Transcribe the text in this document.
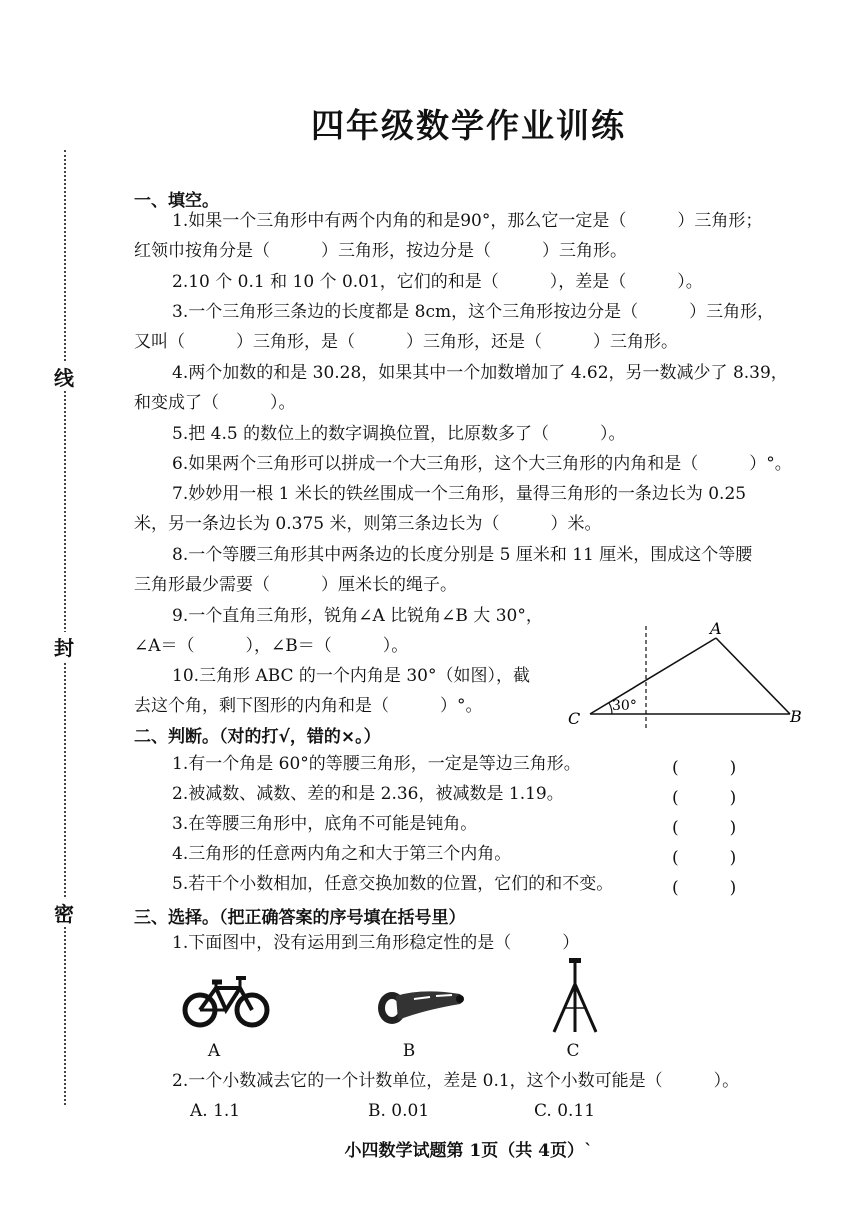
线
封
密
四年级数学作业训练
一、填空。
1.如果一个三角形中有两个内角的和是90°，那么它一定是（　　　）三角形；
红领巾按角分是（　　　）三角形，按边分是（　　　）三角形。
2.10 个 0.1 和 10 个 0.01，它们的和是（　　　），差是（　　　）。
3.一个三角形三条边的长度都是 8cm，这个三角形按边分是（　　　）三角形，
又叫（　　　）三角形，是（　　　）三角形，还是（　　　）三角形。
4.两个加数的和是 30.28，如果其中一个加数增加了 4.62，另一数减少了 8.39，
和变成了（　　　）。
5.把 4.5 的数位上的数字调换位置，比原数多了（　　　）。
6.如果两个三角形可以拼成一个大三角形，这个大三角形的内角和是（　　　）°。
7.妙妙用一根 1 米长的铁丝围成一个三角形，量得三角形的一条边长为 0.25
米，另一条边长为 0.375 米，则第三条边长为（　　　）米。
8.一个等腰三角形其中两条边的长度分别是 5 厘米和 11 厘米，围成这个等腰
三角形最少需要（　　　）厘米长的绳子。
9.一个直角三角形，锐角∠A 比锐角∠B 大 30°，
∠A＝（　　　），∠B＝（　　　）。
10.三角形 ABC 的一个内角是 30°（如图），截
去这个角，剩下图形的内角和是（　　　）°。
A
B
C
30°
二、判断。（对的打√，错的×。）
1.有一个角是 60°的等腰三角形，一定是等边三角形。	(　　　)
2.被减数、减数、差的和是 2.36，被减数是 1.19。	(　　　)
3.在等腰三角形中，底角不可能是钝角。	(　　　)
4.三角形的任意两内角之和大于第三个内角。	(　　　)
5.若干个小数相加，任意交换加数的位置，它们的和不变。	(　　　)
三、选择。（把正确答案的序号填在括号里）
1.下面图中，没有运用到三角形稳定性的是（　　　）
A	B	C
2.一个小数减去它的一个计数单位，差是 0.1，这个小数可能是（　　　）。
A. 1.1	B. 0.01	C. 0.11
小四数学试题第 1页（共 4页）`
